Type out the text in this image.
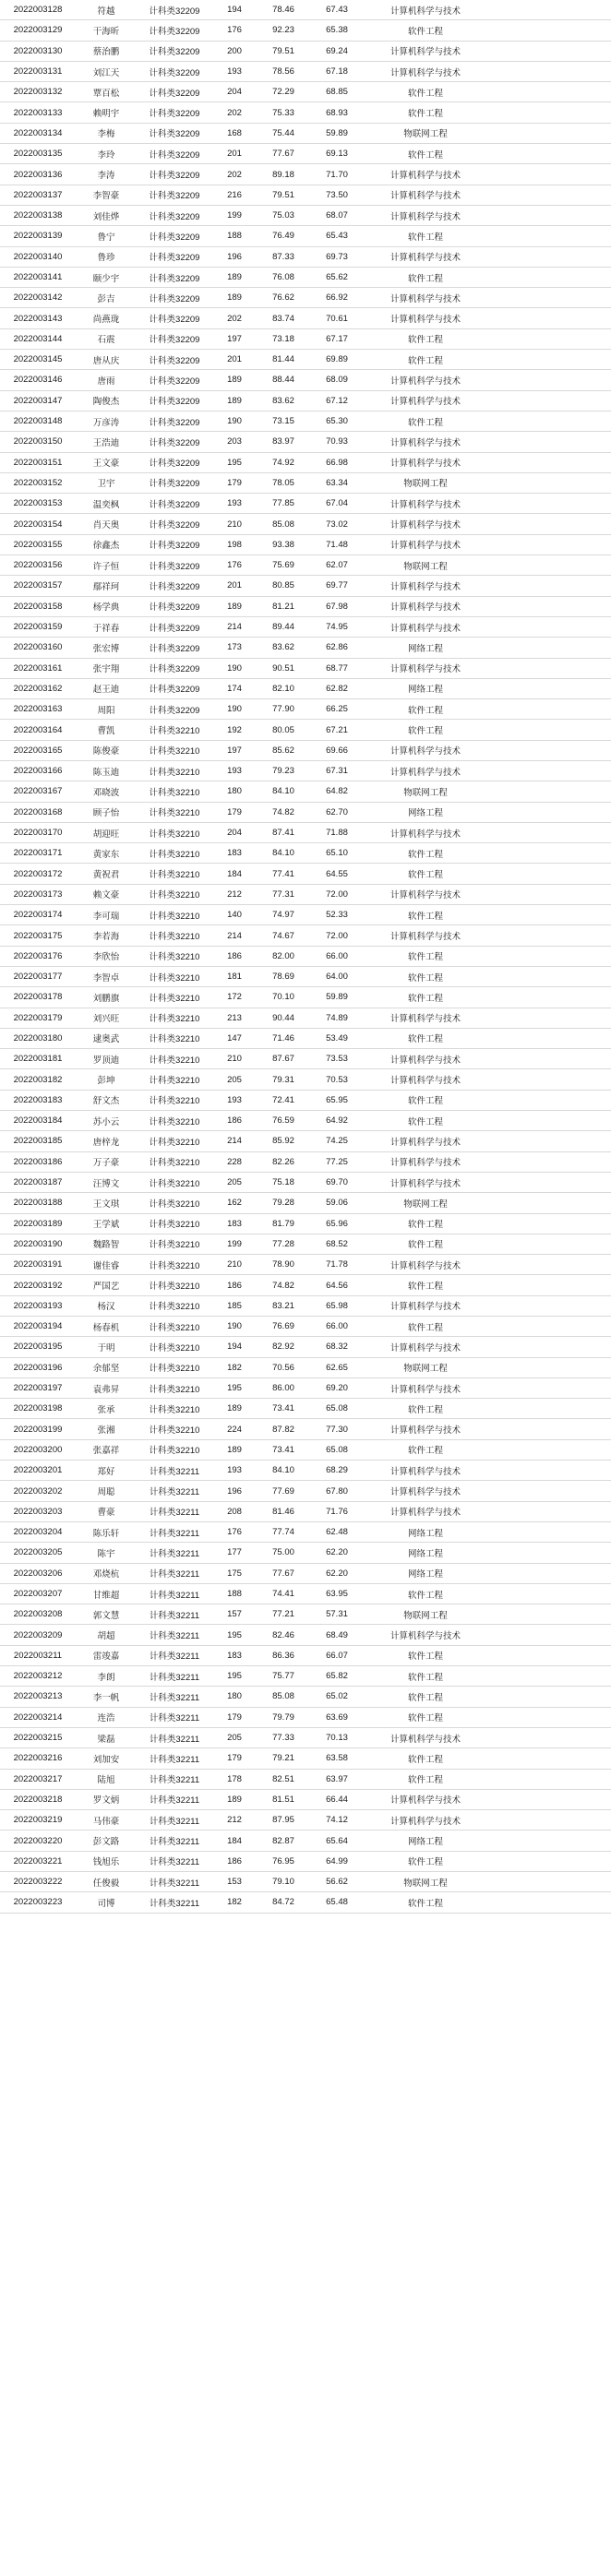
2022003128	符越	计科类32209	194	78.46	67.43	计算机科学与技术	
2022003129	干海昕	计科类32209	176	92.23	65.38	软件工程	
2022003130	蔡治鹏	计科类32209	200	79.51	69.24	计算机科学与技术	
2022003131	刘江天	计科类32209	193	78.56	67.18	计算机科学与技术	
2022003132	覃百松	计科类32209	204	72.29	68.85	软件工程	
2022003133	赖明宇	计科类32209	202	75.33	68.93	软件工程	
2022003134	李梅	计科类32209	168	75.44	59.89	物联网工程	
2022003135	李玲	计科类32209	201	77.67	69.13	软件工程	
2022003136	李涛	计科类32209	202	89.18	71.70	计算机科学与技术	
2022003137	李智豪	计科类32209	216	79.51	73.50	计算机科学与技术	
2022003138	刘佳烨	计科类32209	199	75.03	68.07	计算机科学与技术	
2022003139	鲁宁	计科类32209	188	76.49	65.43	软件工程	
2022003140	鲁珍	计科类32209	196	87.33	69.73	计算机科学与技术	
2022003141	颐少宇	计科类32209	189	76.08	65.62	软件工程	
2022003142	彭吉	计科类32209	189	76.62	66.92	计算机科学与技术	
2022003143	尚燕珑	计科类32209	202	83.74	70.61	计算机科学与技术	
2022003144	石震	计科类32209	197	73.18	67.17	软件工程	
2022003145	唐从庆	计科类32209	201	81.44	69.89	软件工程	
2022003146	唐雨	计科类32209	189	88.44	68.09	计算机科学与技术	
2022003147	陶俊杰	计科类32209	189	83.62	67.12	计算机科学与技术	
2022003148	万彦涛	计科类32209	190	73.15	65.30	软件工程	
2022003150	王浩迪	计科类32209	203	83.97	70.93	计算机科学与技术	
2022003151	王文豪	计科类32209	195	74.92	66.98	计算机科学与技术	
2022003152	卫宇	计科类32209	179	78.05	63.34	物联网工程	
2022003153	温奕枫	计科类32209	193	77.85	67.04	计算机科学与技术	
2022003154	肖天奥	计科类32209	210	85.08	73.02	计算机科学与技术	
2022003155	徐鑫杰	计科类32209	198	93.38	71.48	计算机科学与技术	
2022003156	许子恒	计科类32209	176	75.69	62.07	物联网工程	
2022003157	鄢祥珂	计科类32209	201	80.85	69.77	计算机科学与技术	
2022003158	杨学典	计科类32209	189	81.21	67.98	计算机科学与技术	
2022003159	于祥春	计科类32209	214	89.44	74.95	计算机科学与技术	
2022003160	张宏博	计科类32209	173	83.62	62.86	网络工程	
2022003161	张宇翔	计科类32209	190	90.51	68.77	计算机科学与技术	
2022003162	赵王迪	计科类32209	174	82.10	62.82	网络工程	
2022003163	周阳	计科类32209	190	77.90	66.25	软件工程	
2022003164	曹凯	计科类32210	192	80.05	67.21	软件工程	
2022003165	陈俊豪	计科类32210	197	85.62	69.66	计算机科学与技术	
2022003166	陈玉迪	计科类32210	193	79.23	67.31	计算机科学与技术	
2022003167	邓晓波	计科类32210	180	84.10	64.82	物联网工程	
2022003168	顾子怡	计科类32210	179	74.82	62.70	网络工程	
2022003170	胡迎旺	计科类32210	204	87.41	71.88	计算机科学与技术	
2022003171	黄家东	计科类32210	183	84.10	65.10	软件工程	
2022003172	黄祝君	计科类32210	184	77.41	64.55	软件工程	
2022003173	赖文豪	计科类32210	212	77.31	72.00	计算机科学与技术	
2022003174	李可瑞	计科类32210	140	74.97	52.33	软件工程	
2022003175	李若海	计科类32210	214	74.67	72.00	计算机科学与技术	
2022003176	李欣怡	计科类32210	186	82.00	66.00	软件工程	
2022003177	李智卓	计科类32210	181	78.69	64.00	软件工程	
2022003178	刘鹏旗	计科类32210	172	70.10	59.89	软件工程	
2022003179	刘兴旺	计科类32210	213	90.44	74.89	计算机科学与技术	
2022003180	逮奥武	计科类32210	147	71.46	53.49	软件工程	
2022003181	罗顶迪	计科类32210	210	87.67	73.53	计算机科学与技术	
2022003182	彭坤	计科类32210	205	79.31	70.53	计算机科学与技术	
2022003183	舒文杰	计科类32210	193	72.41	65.95	软件工程	
2022003184	苏小云	计科类32210	186	76.59	64.92	软件工程	
2022003185	唐梓龙	计科类32210	214	85.92	74.25	计算机科学与技术	
2022003186	万子豪	计科类32210	228	82.26	77.25	计算机科学与技术	
2022003187	汪博文	计科类32210	205	75.18	69.70	计算机科学与技术	
2022003188	王文琪	计科类32210	162	79.28	59.06	物联网工程	
2022003189	王学斌	计科类32210	183	81.79	65.96	软件工程	
2022003190	魏路智	计科类32210	199	77.28	68.52	软件工程	
2022003191	谢佳睿	计科类32210	210	78.90	71.78	计算机科学与技术	
2022003192	严国艺	计科类32210	186	74.82	64.56	软件工程	
2022003193	杨汉	计科类32210	185	83.21	65.98	计算机科学与技术	
2022003194	杨春机	计科类32210	190	76.69	66.00	软件工程	
2022003195	于明	计科类32210	194	82.92	68.32	计算机科学与技术	
2022003196	余郁坚	计科类32210	182	70.56	62.65	物联网工程	
2022003197	袁弗昇	计科类32210	195	86.00	69.20	计算机科学与技术	
2022003198	张承	计科类32210	189	73.41	65.08	软件工程	
2022003199	张湘	计科类32210	224	87.82	77.30	计算机科学与技术	
2022003200	张嘉祥	计科类32210	189	73.41	65.08	软件工程	
2022003201	郑好	计科类32211	193	84.10	68.29	计算机科学与技术	
2022003202	周聪	计科类32211	196	77.69	67.80	计算机科学与技术	
2022003203	曹豪	计科类32211	208	81.46	71.76	计算机科学与技术	
2022003204	陈乐轩	计科类32211	176	77.74	62.48	网络工程	
2022003205	陈宇	计科类32211	177	75.00	62.20	网络工程	
2022003206	邓烧杭	计科类32211	175	77.67	62.20	网络工程	
2022003207	甘维超	计科类32211	188	74.41	63.95	软件工程	
2022003208	郭文慧	计科类32211	157	77.21	57.31	物联网工程	
2022003209	胡超	计科类32211	195	82.46	68.49	计算机科学与技术	
2022003211	雷竣嘉	计科类32211	183	86.36	66.07	软件工程	
2022003212	李朗	计科类32211	195	75.77	65.82	软件工程	
2022003213	李一帆	计科类32211	180	85.08	65.02	软件工程	
2022003214	连浩	计科类32211	179	79.79	63.69	软件工程	
2022003215	梁磊	计科类32211	205	77.33	70.13	计算机科学与技术	
2022003216	刘加安	计科类32211	179	79.21	63.58	软件工程	
2022003217	陆旭	计科类32211	178	82.51	63.97	软件工程	
2022003218	罗文炳	计科类32211	189	81.51	66.44	计算机科学与技术	
2022003219	马伟豪	计科类32211	212	87.95	74.12	计算机科学与技术	
2022003220	彭文路	计科类32211	184	82.87	65.64	网络工程	
2022003221	钱旭乐	计科类32211	186	76.95	64.99	软件工程	
2022003222	任俊毅	计科类32211	153	79.10	56.62	物联网工程	
2022003223	司博	计科类32211	182	84.72	65.48	软件工程	
